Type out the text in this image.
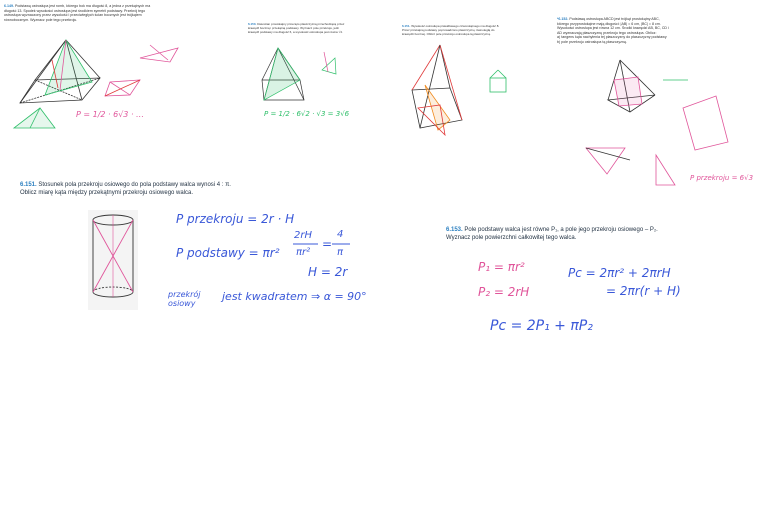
6.149. Podstawą ostrosłupa jest romb, którego bok ma długość 8, a jedna z przekątnych ma długość 13. Spodek wysokości ostrosłupa jest środkiem symetrii podstawy. Przekrój tego ostrosłupa wyznaczony przez wysokość i przeciwległych ścian bocznych jest trójkątem równobocznym. Wyznacz pole tego przekroju.
6.150. Dwuścian prostokątny przecięto płaszczyzną przechodzącą przez krawędź boczną i przekątną podstawy. Wyznacz pole przekroju, jeśli krawędź podstawy ma długość 6, a wysokość ostrosłupa jest równa √3.
6.151. Wysokość ostrosłupa prawidłowego czworokątnego ma długość 8. Przez przekątną podstawy poprowadzono płaszczyznę równoległą do krawędzi bocznej. Oblicz pole przekroju ostrosłupa tą płaszczyzną.
*6.152. Podstawą ostrosłupa ABCD jest trójkąt prostokątny ABC, którego przyprostokątne mają długości: |AB| = 6 cm, |BC| = 8 cm. Wysokości ostrosłupa jest równa 12 cm. Środki krawędzi AB, BC, CD i AD wyznaczają płaszczyznę przekroju tego ostrosłupa. Oblicz:
a) tangens kąta nachylenia tej płaszczyzny do płaszczyzny podstawy
b) pole przekroju ostrosłupa tą płaszczyzną.
6.151. Stosunek pola przekroju osiowego do pola podstawy walca wynosi 4 : π.
Oblicz miarę kąta między przekątnymi przekroju osiowego walca.
6.153. Pole podstawy walca jest równe P₁, a pole jego przekroju osiowego – P₂.
Wyznacz pole powierzchni całkowitej tego walca.
P przekroju = 2r · H
P podstawy = πr²
2rH
πr²
=
4
π
H = 2r
przekrój osiowy
jest kwadratem ⇒ α = 90°
P₁ = πr²
P₂ = 2rH
Pc = 2πr² + 2πrH
= 2πr(r + H)
Pc = 2P₁ + πP₂
P = 1/2 · 6√3 · …	P = 1/2 · 6√2 · √3 = 3√6
P przekroju = 6√3
